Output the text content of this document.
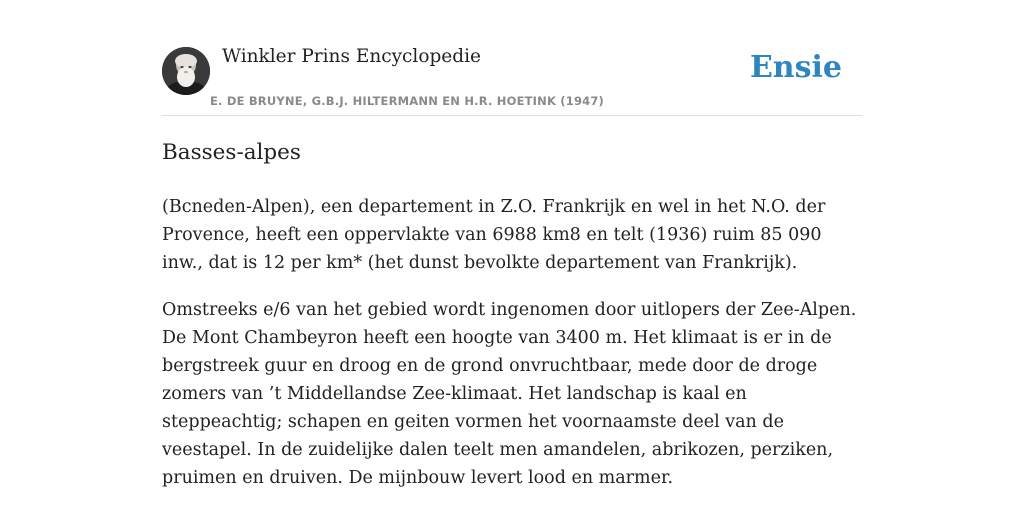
Winkler Prins Encyclopedie
E. DE BRUYNE, G.B.J. HILTERMANN EN H.R. HOETINK (1947)
Ensie
Basses-alpes

(Bcneden-Alpen), een departement in Z.O. Frankrijk en wel in het N.O. der Provence, heeft een oppervlakte van 6988 km8 en telt (1936) ruim 85 090 inw., dat is 12 per km* (het dunst bevolkte departement van Frankrijk).

Omstreeks e/6 van het gebied wordt ingenomen door uitlopers der Zee-Alpen. De Mont Chambeyron heeft een hoogte van 3400 m. Het klimaat is er in de bergstreek guur en droog en de grond onvruchtbaar, mede door de droge zomers van ’t Middellandse Zee-klimaat. Het landschap is kaal en steppeachtig; schapen en geiten vormen het voornaamste deel van de veestapel. In de zuidelijke dalen teelt men amandelen, abrikozen, perziken, pruimen en druiven. De mijnbouw levert lood en marmer.
